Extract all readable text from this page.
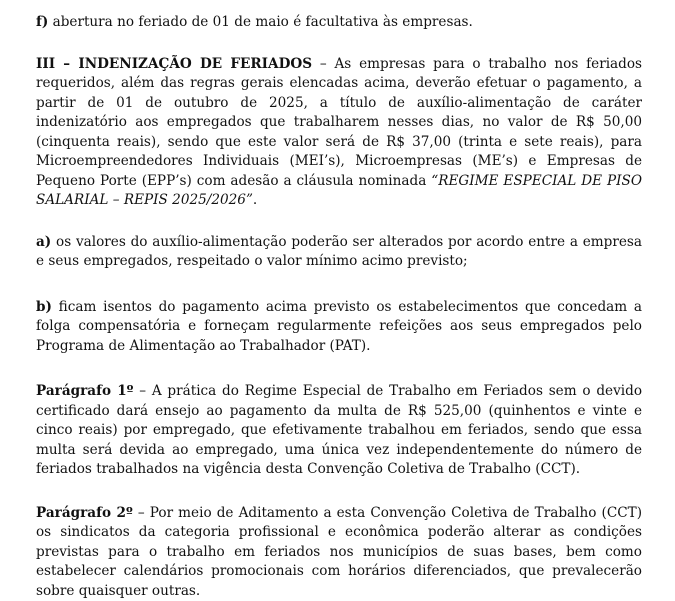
f) abertura no feriado de 01 de maio é facultativa às empresas.

III – INDENIZAÇÃO DE FERIADOS – As empresas para o trabalho nos feriados requeridos, além das regras gerais elencadas acima, deverão efetuar o pagamento, a partir de 01 de outubro de 2025, a título de auxílio-alimentação de caráter indenizatório aos empregados que trabalharem nesses dias, no valor de R$ 50,00 (cinquenta reais), sendo que este valor será de R$ 37,00 (trinta e sete reais), para Microempreendedores Individuais (MEI’s), Microempresas (ME’s) e Empresas de Pequeno Porte (EPP’s) com adesão a cláusula nominada “REGIME ESPECIAL DE PISO SALARIAL – REPIS 2025/2026”.

a) os valores do auxílio-alimentação poderão ser alterados por acordo entre a empresa e seus empregados, respeitado o valor mínimo acimo previsto;

b) ficam isentos do pagamento acima previsto os estabelecimentos que concedam a folga compensatória e forneçam regularmente refeições aos seus empregados pelo Programa de Alimentação ao Trabalhador (PAT).

Parágrafo 1º – A prática do Regime Especial de Trabalho em Feriados sem o devido certificado dará ensejo ao pagamento da multa de R$ 525,00 (quinhentos e vinte e cinco reais) por empregado, que efetivamente trabalhou em feriados, sendo que essa multa será devida ao empregado, uma única vez independentemente do número de feriados trabalhados na vigência desta Convenção Coletiva de Trabalho (CCT).

Parágrafo 2º – Por meio de Aditamento a esta Convenção Coletiva de Trabalho (CCT) os sindicatos da categoria profissional e econômica poderão alterar as condições previstas para o trabalho em feriados nos municípios de suas bases, bem como estabelecer calendários promocionais com horários diferenciados, que prevalecerão sobre quaisquer outras.
